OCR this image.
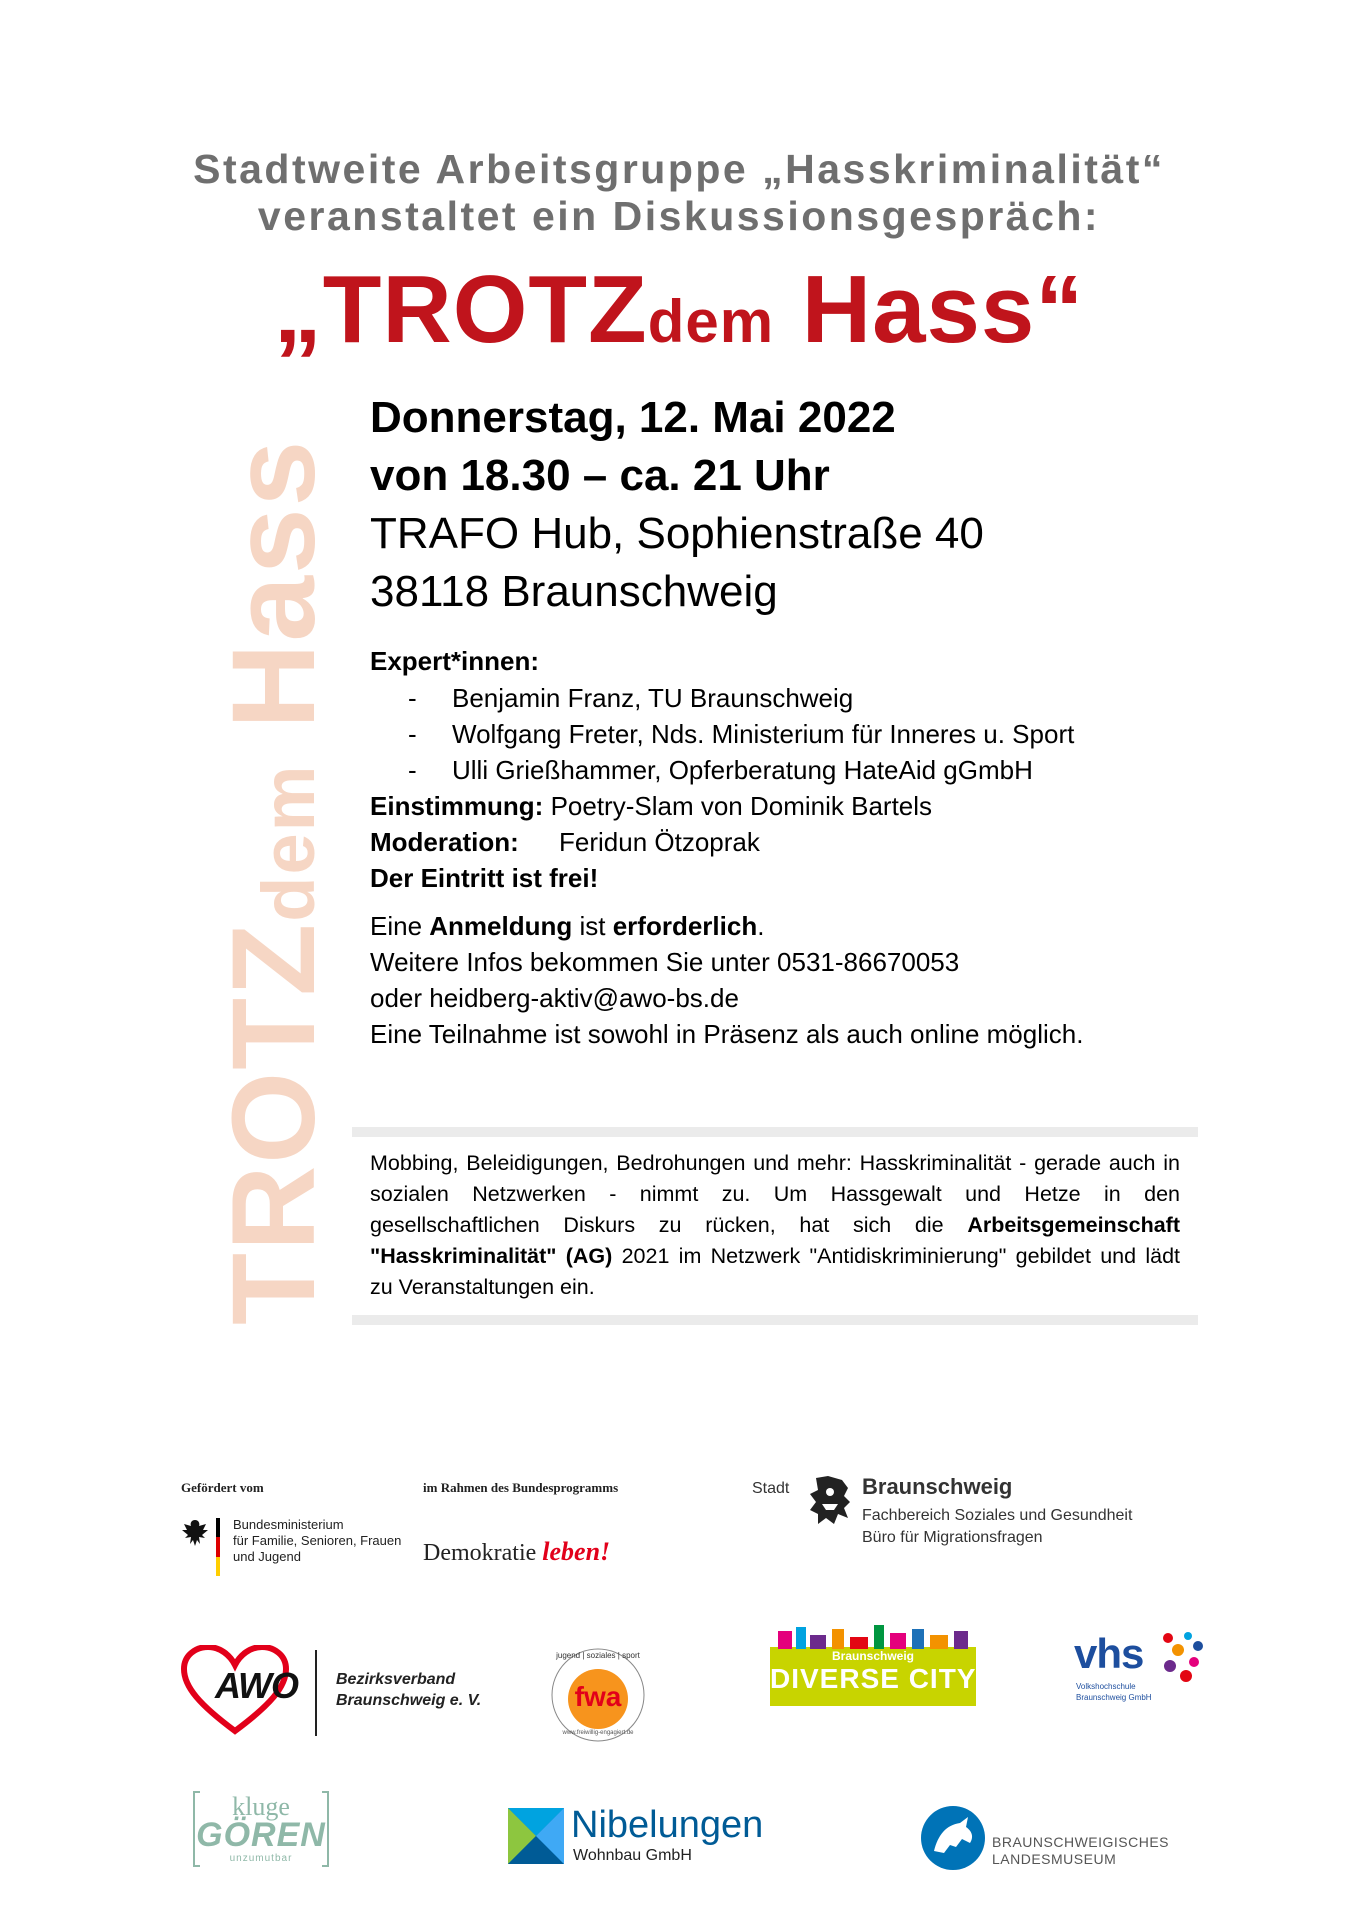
Stadtweite Arbeitsgruppe „Hasskriminalität“
veranstaltet ein Diskussionsgespräch:
„TROTZdem Hass“
TROTZdem Hass
Donnerstag, 12. Mai 2022
von 18.30 – ca. 21 Uhr
TRAFO Hub, Sophienstraße 40
38118 Braunschweig
Expert*innen:
- Benjamin Franz, TU Braunschweig
- Wolfgang Freter, Nds. Ministerium für Inneres u. Sport
- Ulli Grießhammer, Opferberatung HateAid gGmbH
Einstimmung: Poetry-Slam von Dominik Bartels
Moderation: Feridun Ötzoprak
Der Eintritt ist frei!
Eine Anmeldung ist erforderlich.
Weitere Infos bekommen Sie unter 0531-86670053
oder heidberg-aktiv@awo-bs.de
Eine Teilnahme ist sowohl in Präsenz als auch online möglich.
Mobbing, Beleidigungen, Bedrohungen und mehr: Hasskriminalität - gerade auch in sozialen Netzwerken - nimmt zu. Um Hassgewalt und Hetze in den gesellschaftlichen Diskurs zu rücken, hat sich die Arbeitsgemeinschaft "Hasskriminalität" (AG) 2021 im Netzwerk "Antidiskriminierung" gebildet und lädt zu Veranstaltungen ein.
Gefördert vom
Bundesministerium
für Familie, Senioren, Frauen
und Jugend
im Rahmen des Bundesprogramms
Demokratie leben!
Stadt	Braunschweig
Fachbereich Soziales und Gesundheit
Büro für Migrationsfragen
AWO Bezirksverband
Braunschweig e. V.
jugend | soziales | sport
fwa
www.freiwillig-engagiert.de
Braunschweig
DIVERSE CITY
vhs
Volkshochschule
Braunschweig GmbH
kluge
GÖREN
unzumutbar
Nibelungen
Wohnbau GmbH
BRAUNSCHWEIGISCHES
LANDESMUSEUM
